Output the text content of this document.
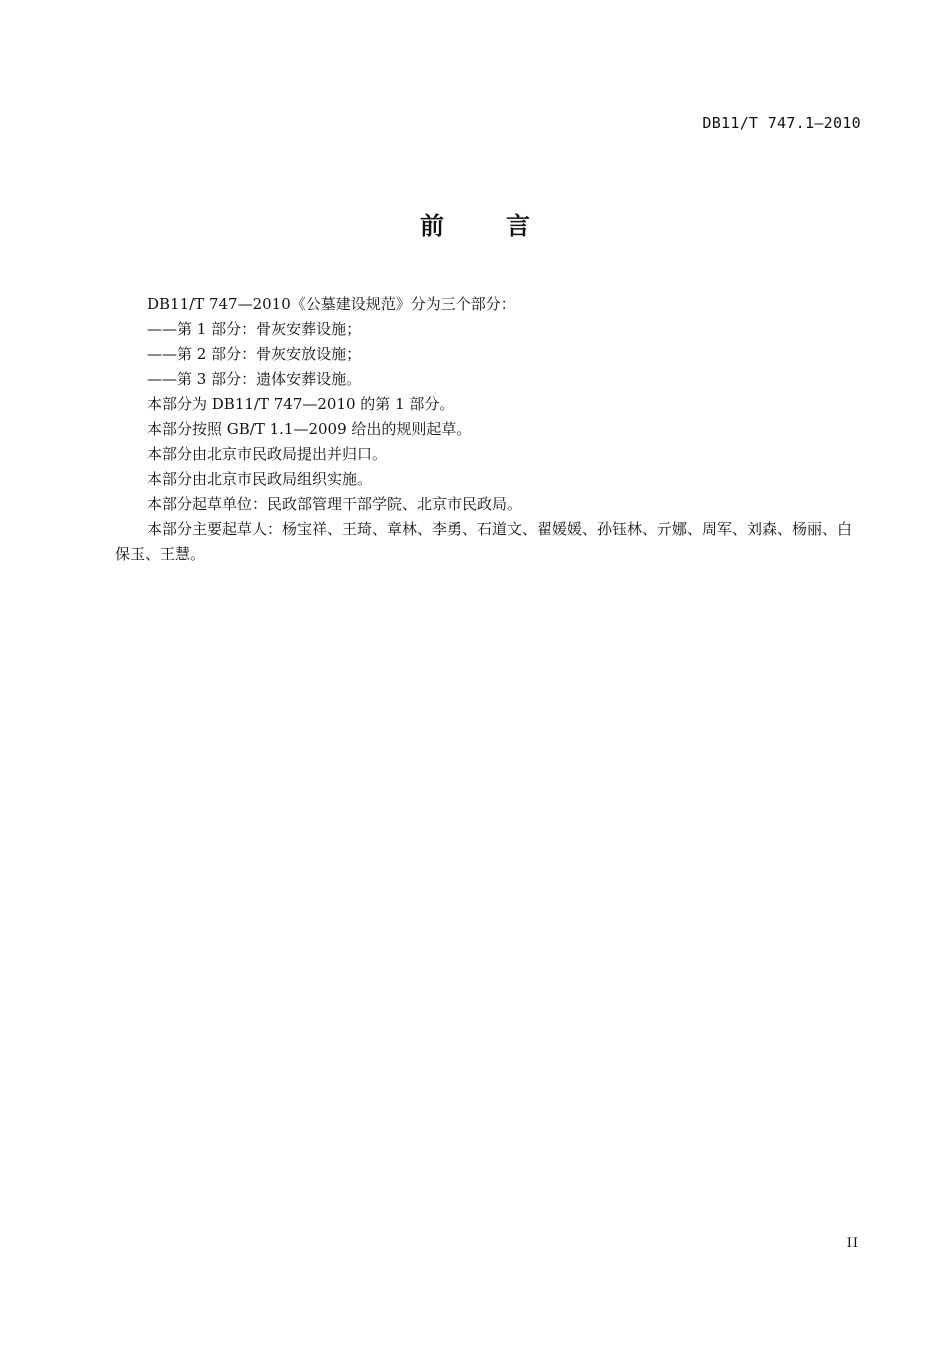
DB11/T 747.1—2010
前	言

DB11/T 747—2010《公墓建设规范》分为三个部分：

——第 1 部分：骨灰安葬设施；

——第 2 部分：骨灰安放设施；

——第 3 部分：遗体安葬设施。

本部分为 DB11/T 747—2010 的第 1 部分。

本部分按照 GB/T 1.1—2009 给出的规则起草。

本部分由北京市民政局提出并归口。

本部分由北京市民政局组织实施。

本部分起草单位：民政部管理干部学院、北京市民政局。

本部分主要起草人：杨宝祥、王琦、章林、李勇、石道文、翟媛媛、孙钰林、亓娜、周军、刘森、杨丽、白保玉、王慧。

II
